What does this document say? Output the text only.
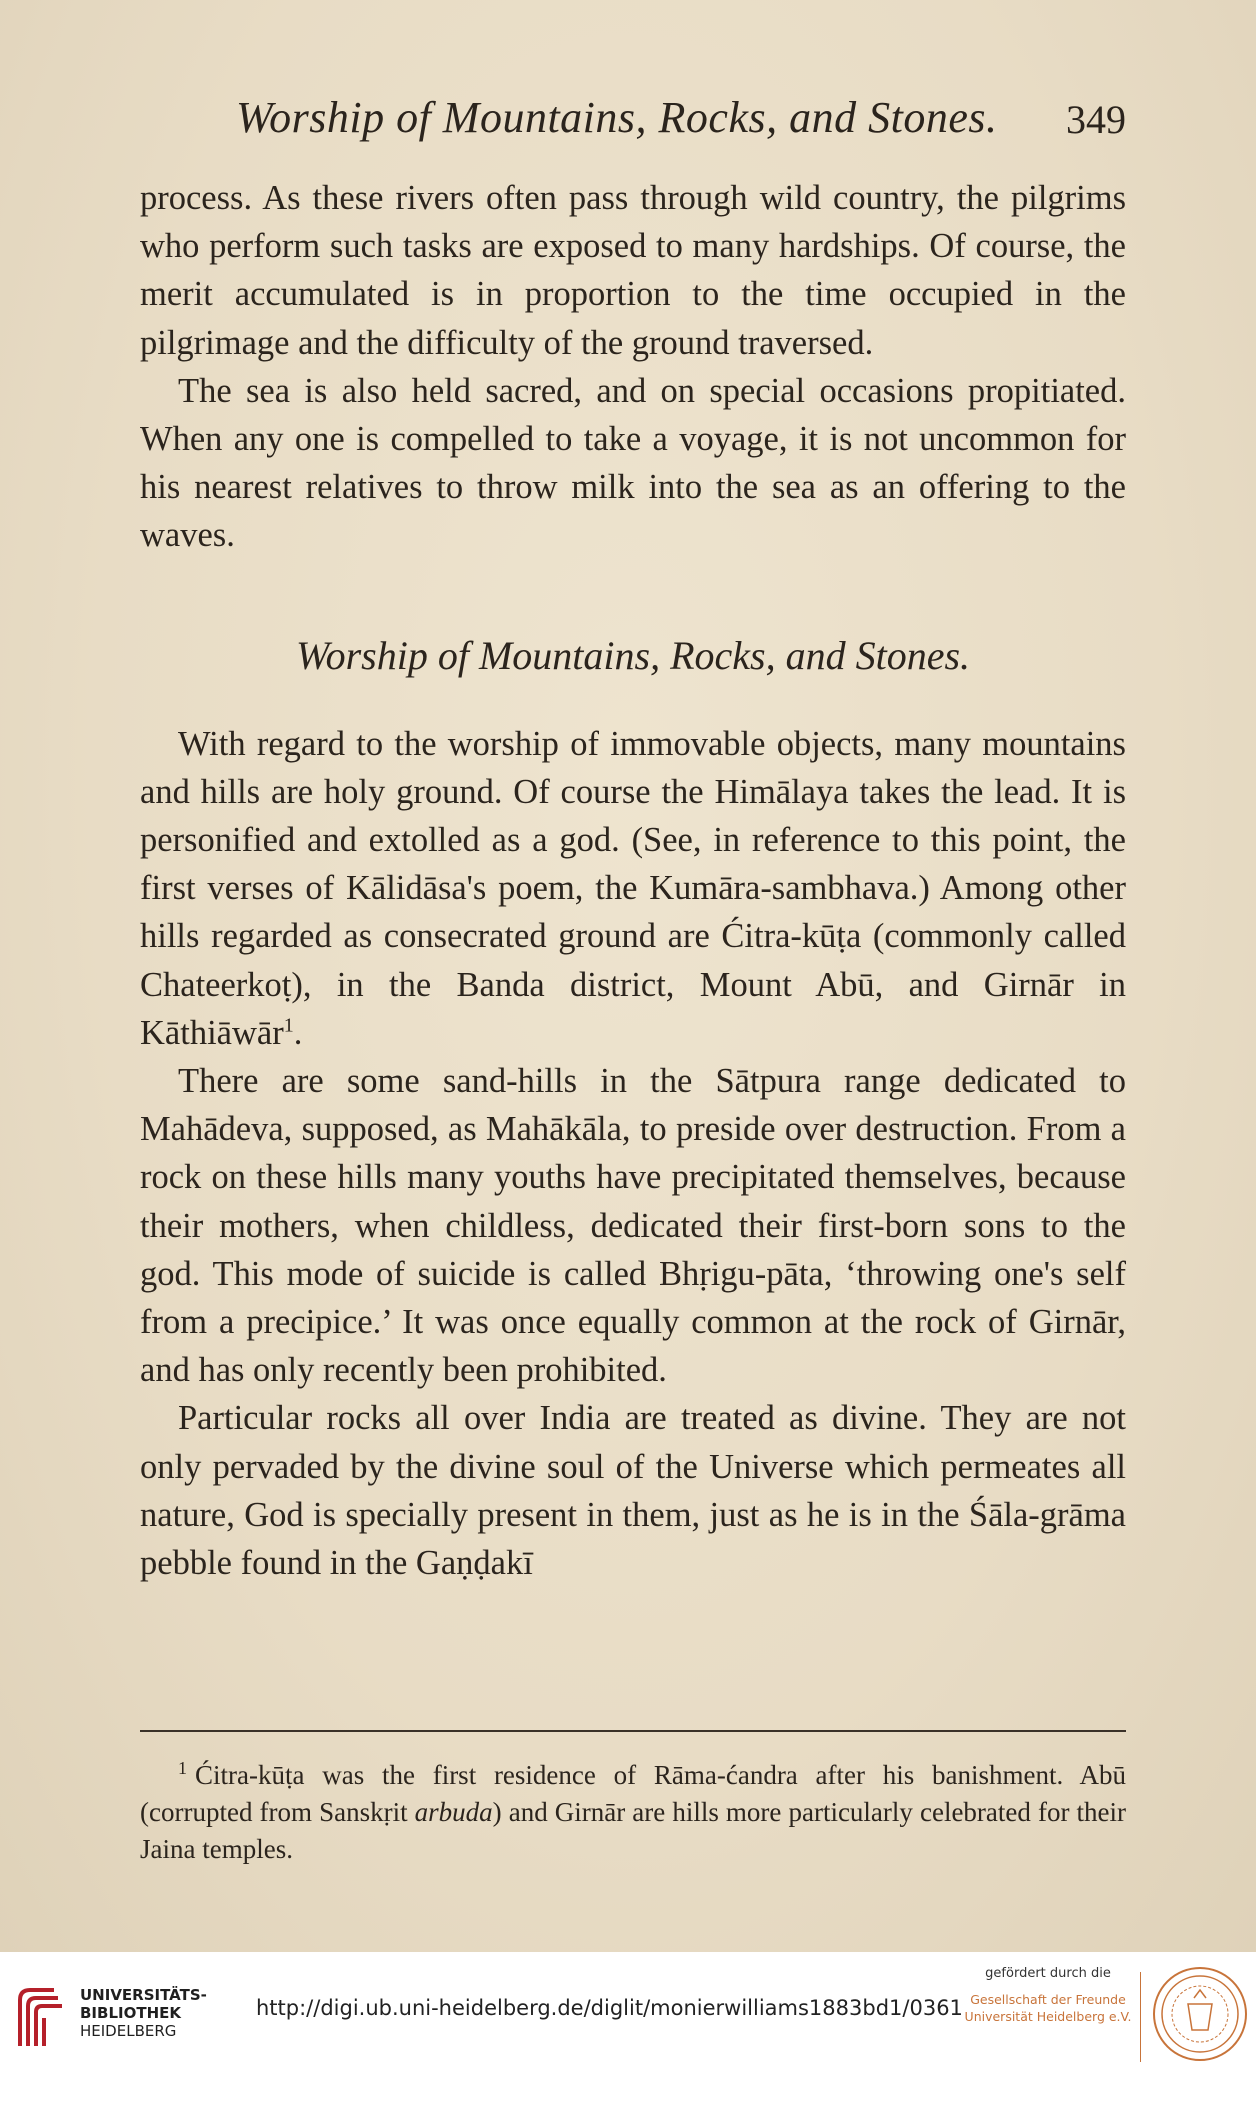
Worship of Mountains, Rocks, and Stones. 349

process. As these rivers often pass through wild country, the pilgrims who perform such tasks are exposed to many hardships. Of course, the merit accumulated is in proportion to the time occupied in the pilgrimage and the difficulty of the ground traversed.

The sea is also held sacred, and on special occasions propitiated. When any one is compelled to take a voyage, it is not uncommon for his nearest relatives to throw milk into the sea as an offering to the waves.

Worship of Mountains, Rocks, and Stones.

With regard to the worship of immovable objects, many mountains and hills are holy ground. Of course the Himālaya takes the lead. It is personified and extolled as a god. (See, in reference to this point, the first verses of Kālidāsa's poem, the Kumāra-sambhava.) Among other hills regarded as consecrated ground are Ćitra-kūṭa (commonly called Chateerkoṭ), in the Banda district, Mount Abū, and Girnār in Kāthiāwār$^1$.

There are some sand-hills in the Sātpura range dedicated to Mahādeva, supposed, as Mahākāla, to preside over destruction. From a rock on these hills many youths have precipitated themselves, because their mothers, when childless, dedicated their first-born sons to the god. This mode of suicide is called Bhṛigu-pāta, ‘throwing one's self from a precipice.’ It was once equally common at the rock of Girnār, and has only recently been prohibited.

Particular rocks all over India are treated as divine. They are not only pervaded by the divine soul of the Universe which permeates all nature, God is specially present in them, just as he is in the Śāla-grāma pebble found in the Gaṇḍakī

$^1$ Ćitra-kūṭa was the first residence of Rāma-ćandra after his banishment. Abū (corrupted from Sanskṛit arbuda) and Girnār are hills more particularly celebrated for their Jaina temples.
UNIVERSITÄTS-
BIBLIOTHEK
HEIDELBERG
http://digi.ub.uni-heidelberg.de/diglit/monierwilliams1883bd1/0361
gefördert durch die
Gesellschaft der Freunde
Universität Heidelberg e.V.
